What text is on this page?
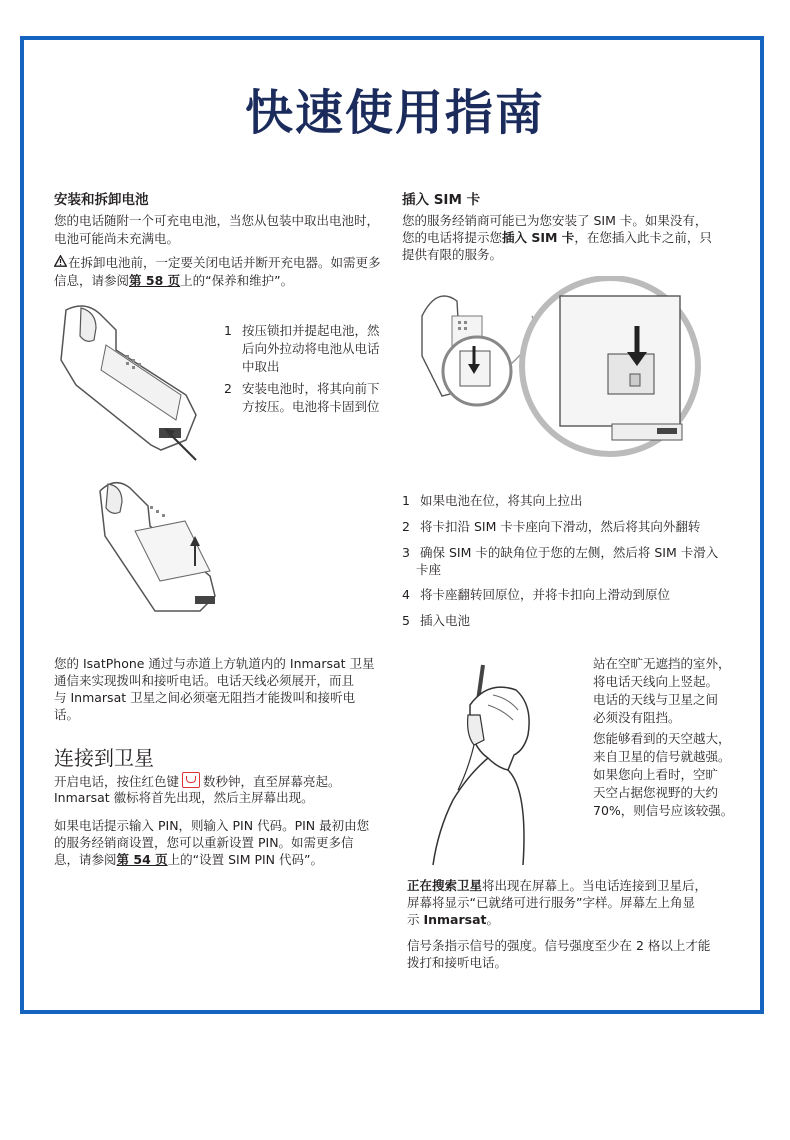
快速使用指南
安装和拆卸电池
您的电话随附一个可充电电池，当您从包装中取出电池时，电池可能尚未充满电。
在拆卸电池前，一定要关闭电话并断开充电器。如需更多信息，请参阅第 58 页上的“保养和维护”。
1 按压锁扣并提起电池，然
后向外拉动将电池从电话
中取出
2 安装电池时，将其向前下
方按压。电池将卡固到位
插入 SIM 卡
您的服务经销商可能已为您安装了 SIM 卡。如果没有，
您的电话将提示您插入 SIM 卡，在您插入此卡之前，只
提供有限的服务。
1 如果电池在位，将其向上拉出
2 将卡扣沿 SIM 卡卡座向下滑动，然后将其向外翻转
3 确保 SIM 卡的缺角位于您的左侧，然后将 SIM 卡滑入
卡座
4 将卡座翻转回原位，并将卡扣向上滑动到原位
5 插入电池
您的 IsatPhone 通过与赤道上方轨道内的 Inmarsat 卫星
通信来实现拨叫和接听电话。电话天线必须展开，而且
与 Inmarsat 卫星之间必须毫无阻挡才能拨叫和接听电
话。
连接到卫星
开启电话，按住红色键 数秒钟，直至屏幕亮起。
Inmarsat 徽标将首先出现，然后主屏幕出现。
如果电话提示输入 PIN，则输入 PIN 代码。PIN 最初由您
的服务经销商设置，您可以重新设置 PIN。如需更多信
息，请参阅第 54 页上的“设置 SIM PIN 代码”。
站在空旷无遮挡的室外，
将电话天线向上竖起。
电话的天线与卫星之间
必须没有阻挡。
您能够看到的天空越大，
来自卫星的信号就越强。
如果您向上看时，空旷
天空占据您视野的大约
70%，则信号应该较强。
正在搜索卫星将出现在屏幕上。当电话连接到卫星后，
屏幕将显示“已就绪可进行服务”字样。屏幕左上角显
示 Inmarsat。
信号条指示信号的强度。信号强度至少在 2 格以上才能
拨打和接听电话。
